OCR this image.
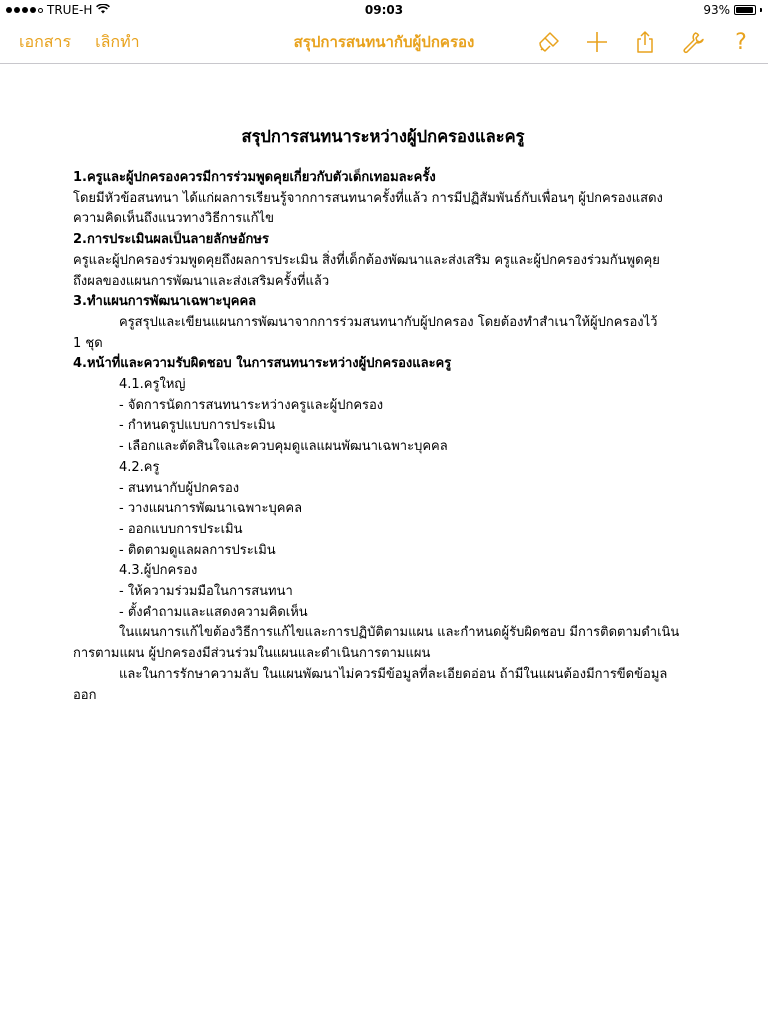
TRUE-H	09:03	93%
เอกสาร เลิกทำ	สรุปการสนทนากับผู้ปกครอง	?
สรุปการสนทนาระหว่างผู้ปกครองและครู
1.ครูและผู้ปกครองควรมีการร่วมพูดคุยเกี่ยวกับตัวเด็กเทอมละครั้ง
โดยมีหัวข้อสนทนา ได้แก่ผลการเรียนรู้จากการสนทนาครั้งที่แล้ว การมีปฏิสัมพันธ์กับเพื่อนๆ ผู้ปกครองแสดง
ความคิดเห็นถึงแนวทางวิธีการแก้ไข
2.การประเมินผลเป็นลายลักษอักษร
ครูและผู้ปกครองร่วมพูดคุยถึงผลการประเมิน สิ่งที่เด็กต้องพัฒนาและส่งเสริม ครูและผู้ปกครองร่วมกันพูดคุย
ถึงผลของแผนการพัฒนาและส่งเสริมครั้งที่แล้ว
3.ทำแผนการพัฒนาเฉพาะบุคคล
ครูสรุปและเขียนแผนการพัฒนาจากการร่วมสนทนากับผู้ปกครอง โดยต้องทำสำเนาให้ผู้ปกครองไว้
1 ชุด
4.หน้าที่และความรับผิดชอบ ในการสนทนาระหว่างผู้ปกครองและครู
4.1.ครูใหญ่
- จัดการนัดการสนทนาระหว่างครูและผู้ปกครอง
- กำหนดรูปแบบการประเมิน
- เลือกและตัดสินใจและควบคุมดูแลแผนพัฒนาเฉพาะบุคคล
4.2.ครู
- สนทนากับผู้ปกครอง
- วางแผนการพัฒนาเฉพาะบุคคล
- ออกแบบการประเมิน
- ติดตามดูแลผลการประเมิน
4.3.ผู้ปกครอง
- ให้ความร่วมมือในการสนทนา
- ตั้งคำถามและแสดงความคิดเห็น
ในแผนการแก้ไขต้องวิธีการแก้ไขและการปฏิบัติตามแผน และกำหนดผู้รับผิดชอบ มีการติดตามดำเนิน
การตามแผน ผู้ปกครองมีส่วนร่วมในแผนและดำเนินการตามแผน
และในการรักษาความลับ ในแผนพัฒนาไม่ควรมีข้อมูลที่ละเอียดอ่อน ถ้ามีในแผนต้องมีการขีดข้อมูล
ออก
